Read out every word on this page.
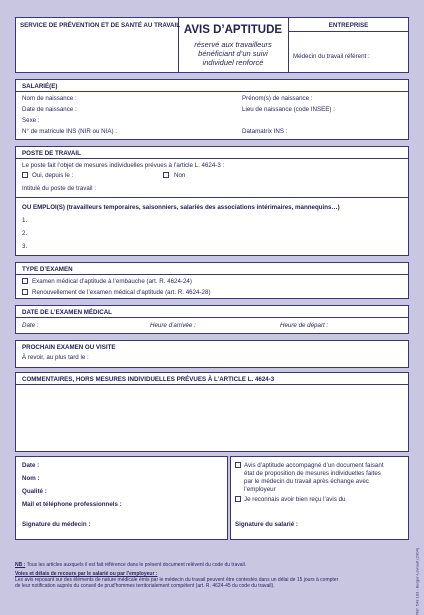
SERVICE DE PRÉVENTION ET DE SANTÉ AU TRAVAIL AVIS D’APTITUDE
réservé aux travailleurs
bénéficiant d’un suivi
individuel renforcé
ENTREPRISE
Médecin du travail référent :
SALARIÉ(E)
Nom de naissance :	Prénom(s) de naissance :
Date de naissance :	Lieu de naissance (code INSEE) :
Sexe :
N° de matricule INS (NIR ou NIA) :	Datamatrix INS :
POSTE DE TRAVAIL
Le poste fait l’objet de mesures individuelles prévues à l’article L. 4624-3 :
Oui, depuis le :	Non
Intitulé du poste de travail :
OU EMPLOI(S) (travailleurs temporaires, saisonniers, salariés des associations intérimaires, mannequins…)
1.
2.
3.
TYPE D’EXAMEN
Examen médical d’aptitude à l’embauche (art. R. 4624-24)
Renouvellement de l’examen médical d’aptitude (art. R. 4624-28)
DATE DE L’EXAMEN MÉDICAL
Date :	Heure d’arrivée :	Heure de départ :
PROCHAIN EXAMEN OU VISITE
À revoir, au plus tard le :
COMMENTAIRES, HORS MESURES INDIVIDUELLES PRÉVUES À L’ARTICLE L. 4624-3
Date :
Nom :
Qualité :
Mail et téléphone professionnels :
Signature du médecin :
Avis d’aptitude accompagné d’un document faisant
état de proposition de mesures individuelles faites
par le médecin du travail après échange avec
l’employeur
Je reconnais avoir bien reçu l’avis du
Signature du salarié :
NB : Tous les articles auxquels il est fait référence dans le présent document relèvent du code du travail.
Voies et délais de recours par le salarié ou par l’employeur :
Les avis reposant sur des éléments de nature médicale émis par le médecin du travail peuvent être contestés dans un délai de 15 jours à compter
de leur notification auprès du conseil de prud’hommes territorialement compétent (art. R. 4624-45 du code du travail).	Réf. 543 183 - Berger-Levrault (2304)
